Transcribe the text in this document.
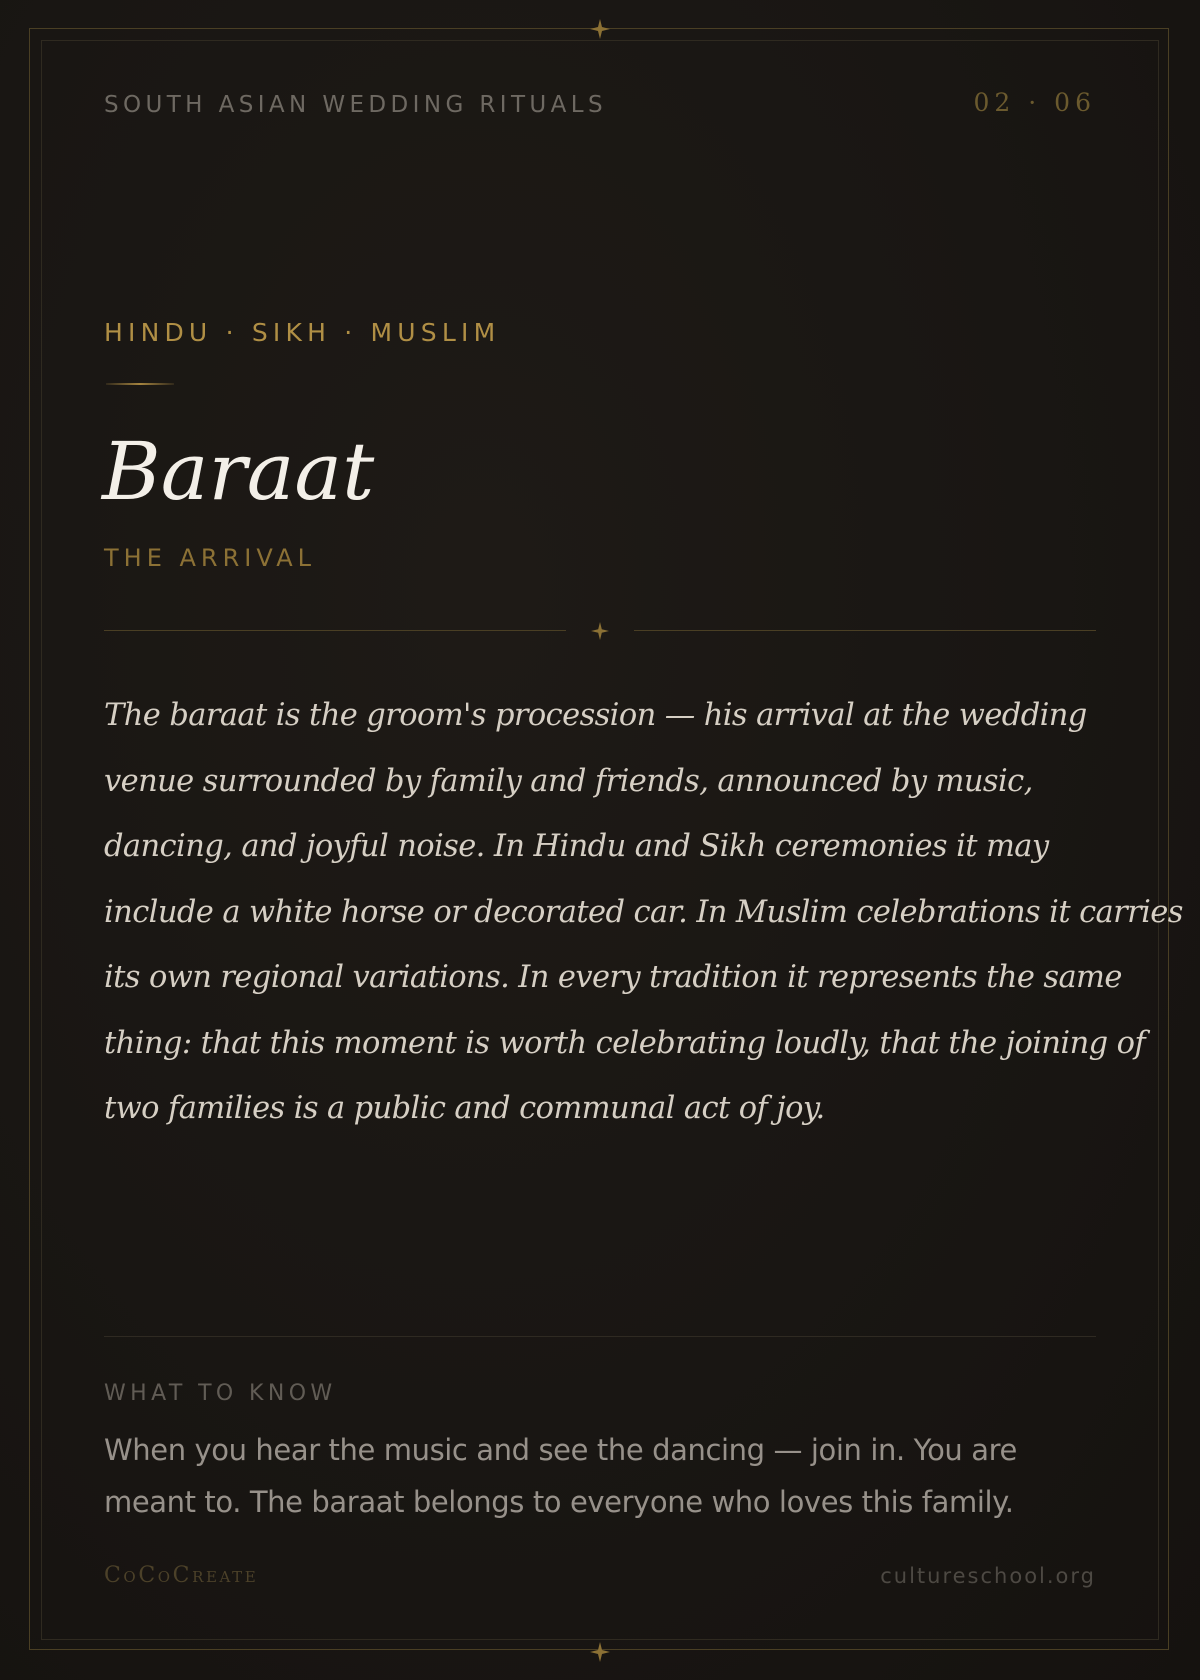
SOUTH ASIAN WEDDING RITUALS	02 · 06
HINDU · SIKH · MUSLIM
Baraat
THE ARRIVAL
The baraat is the groom's procession — his arrival at the wedding
venue surrounded by family and friends, announced by music,
dancing, and joyful noise. In Hindu and Sikh ceremonies it may
include a white horse or decorated car. In Muslim celebrations it carries
its own regional variations. In every tradition it represents the same
thing: that this moment is worth celebrating loudly, that the joining of
two families is a public and communal act of joy.
WHAT TO KNOW
When you hear the music and see the dancing — join in. You are
meant to. The baraat belongs to everyone who loves this family.
CoCoCreate	cultureschool.org
